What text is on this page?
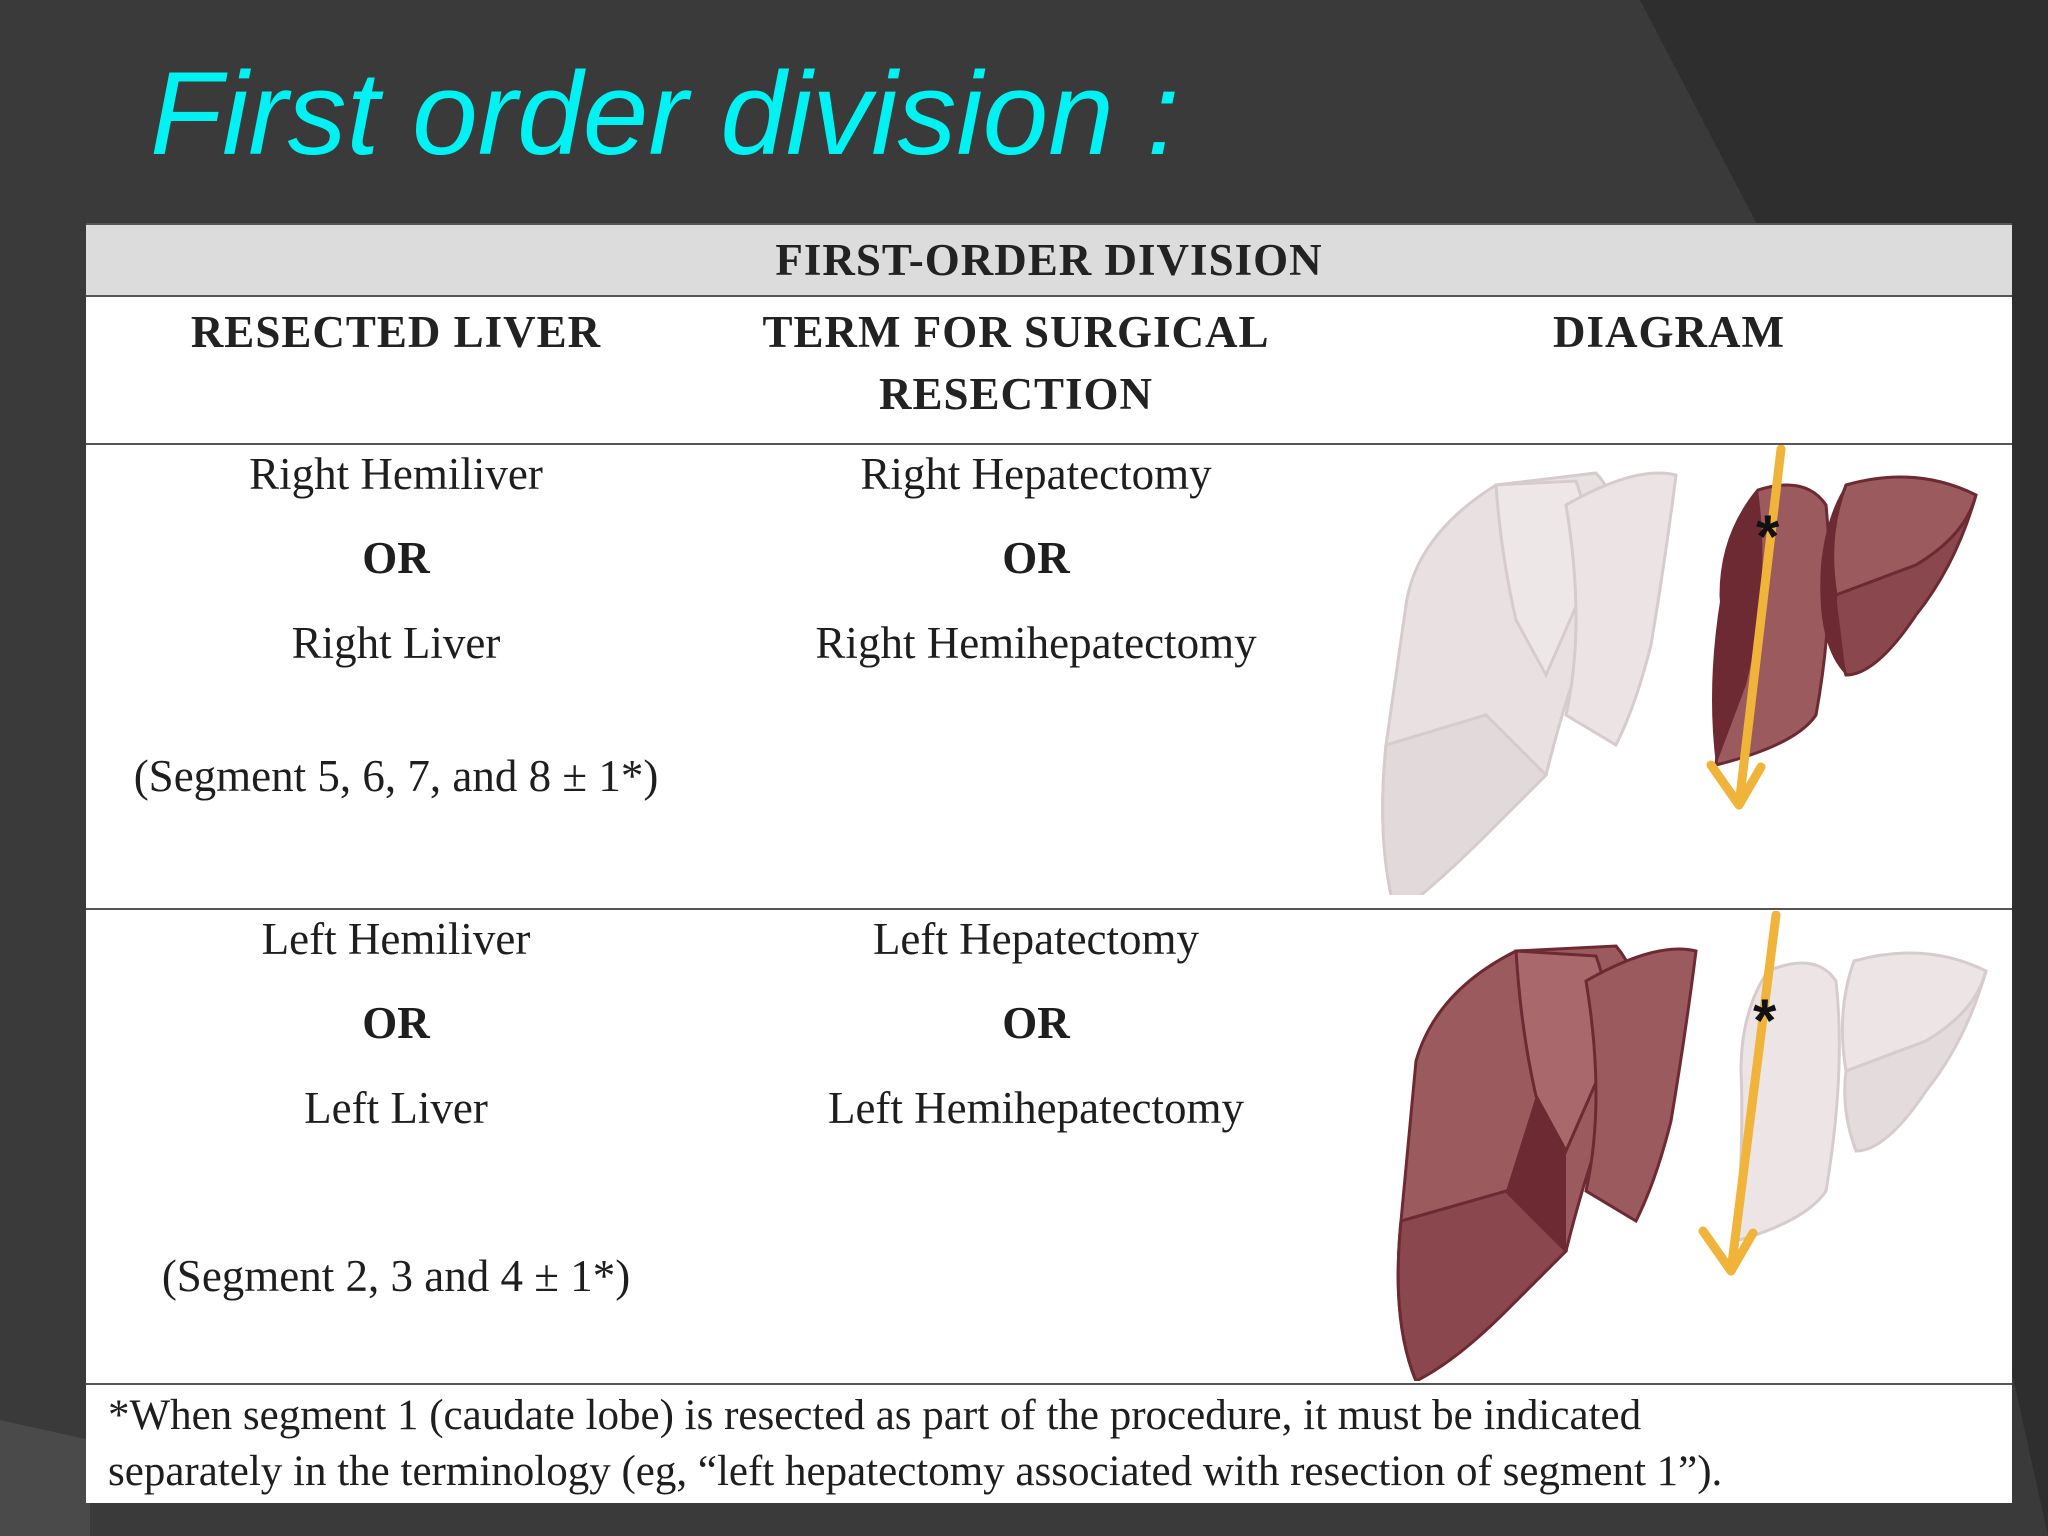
First order division :
FIRST-ORDER DIVISION
RESECTED LIVER	TERM FOR SURGICAL
RESECTION
DIAGRAM
Right Hemiliver
OR
Right Liver
(Segment 5, 6, 7, and 8 ± 1*)
Right Hepatectomy
OR
Right Hemihepatectomy
*
Left Hemiliver
OR
Left Liver
(Segment 2, 3 and 4 ± 1*)
Left Hepatectomy
OR
Left Hemihepatectomy
*
*When segment 1 (caudate lobe) is resected as part of the procedure, it must be indicated
separately in the terminology (eg, “left hepatectomy associated with resection of segment 1”).
